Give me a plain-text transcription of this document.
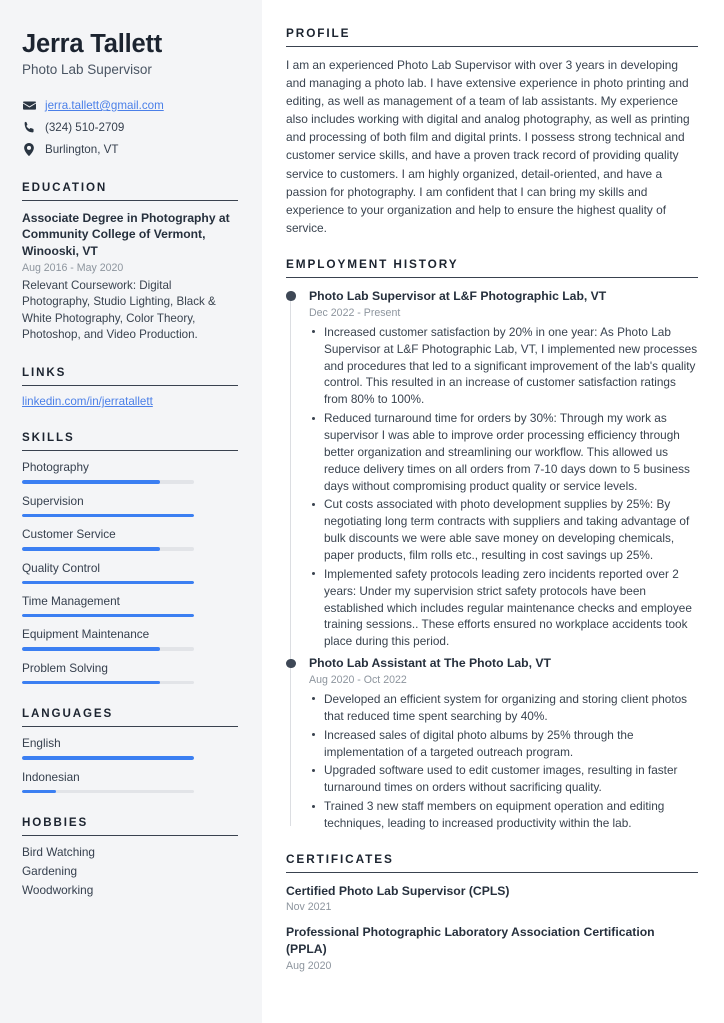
Jerra Tallett
Photo Lab Supervisor
jerra.tallett@gmail.com
(324) 510-2709
Burlington, VT
EDUCATION
Associate Degree in Photography at Community College of Vermont, Winooski, VT
Aug 2016 - May 2020
Relevant Coursework: Digital Photography, Studio Lighting, Black & White Photography, Color Theory, Photoshop, and Video Production.
LINKS
linkedin.com/in/jerratallett
SKILLS
Photography
Supervision
Customer Service
Quality Control
Time Management
Equipment Maintenance
Problem Solving
LANGUAGES
English
Indonesian
HOBBIES
Bird Watching
Gardening
Woodworking
PROFILE

I am an experienced Photo Lab Supervisor with over 3 years in developing and managing a photo lab. I have extensive experience in photo printing and editing, as well as management of a team of lab assistants. My experience also includes working with digital and analog photography, as well as printing and processing of both film and digital prints. I possess strong technical and customer service skills, and have a proven track record of providing quality service to customers. I am highly organized, detail-oriented, and have a passion for photography. I am confident that I can bring my skills and experience to your organization and help to ensure the highest quality of service.

EMPLOYMENT HISTORY
Photo Lab Supervisor at L&F Photographic Lab, VT
Dec 2022 - Present
Increased customer satisfaction by 20% in one year: As Photo Lab Supervisor at L&F Photographic Lab, VT, I implemented new processes and procedures that led to a significant improvement of the lab's quality control. This resulted in an increase of customer satisfaction ratings from 80% to 100%.
Reduced turnaround time for orders by 30%: Through my work as supervisor I was able to improve order processing efficiency through better organization and streamlining our workflow. This allowed us reduce delivery times on all orders from 7-10 days down to 5 business days without compromising product quality or service levels.
Cut costs associated with photo development supplies by 25%: By negotiating long term contracts with suppliers and taking advantage of bulk discounts we were able save money on developing chemicals, paper products, film rolls etc., resulting in cost savings up 25%.
Implemented safety protocols leading zero incidents reported over 2 years: Under my supervision strict safety protocols have been established which includes regular maintenance checks and employee training sessions.. These efforts ensured no workplace accidents took place during this period.
Photo Lab Assistant at The Photo Lab, VT
Aug 2020 - Oct 2022
Developed an efficient system for organizing and storing client photos that reduced time spent searching by 40%.
Increased sales of digital photo albums by 25% through the implementation of a targeted outreach program.
Upgraded software used to edit customer images, resulting in faster turnaround times on orders without sacrificing quality.
Trained 3 new staff members on equipment operation and editing techniques, leading to increased productivity within the lab.
CERTIFICATES
Certified Photo Lab Supervisor (CPLS)
Nov 2021
Professional Photographic Laboratory Association Certification (PPLA)
Aug 2020
